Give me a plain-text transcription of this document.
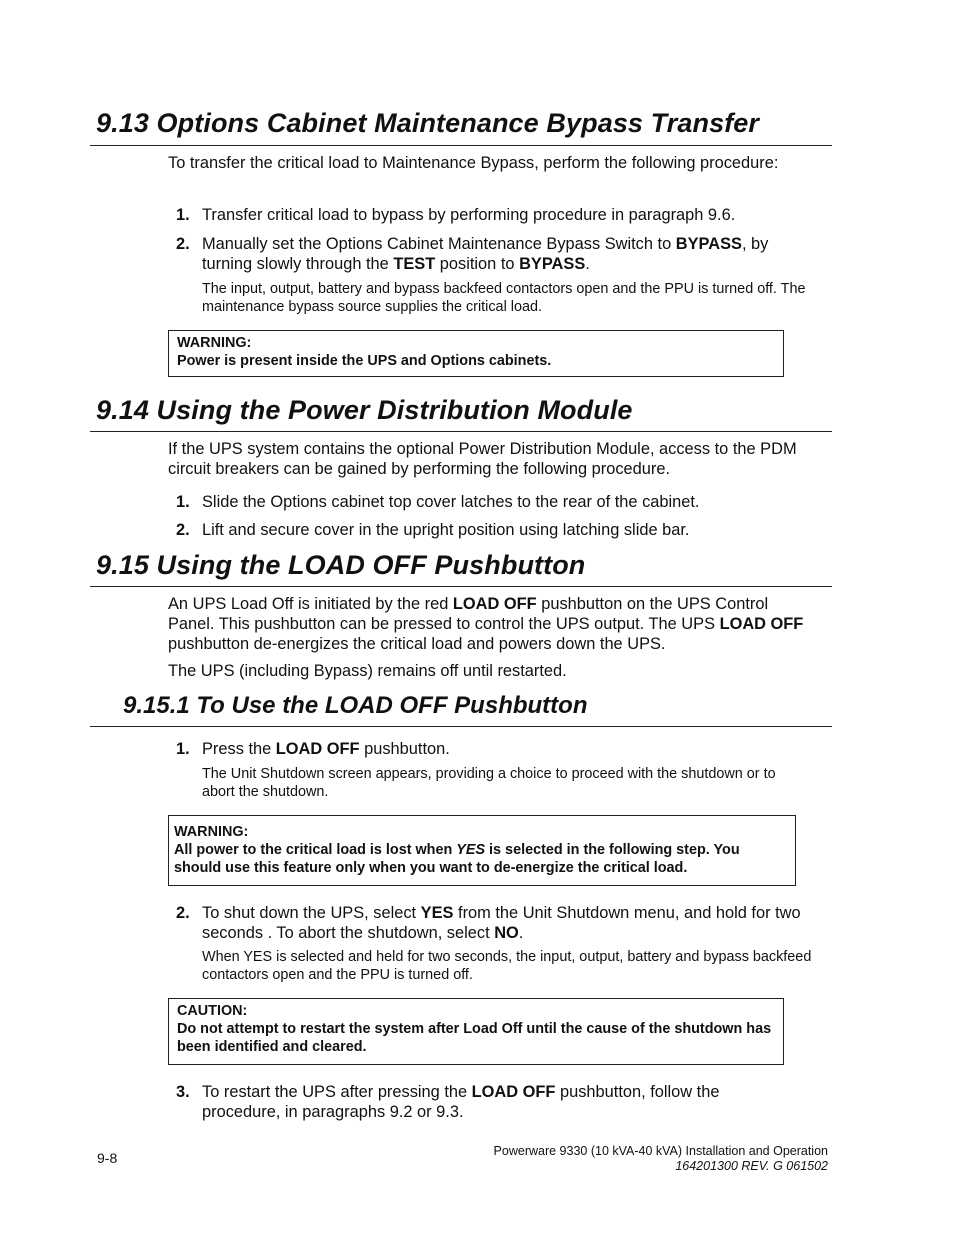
9.13 Options Cabinet Maintenance Bypass Transfer

To transfer the critical load to Maintenance Bypass, perform the following procedure:

1. Transfer critical load to bypass by performing procedure in paragraph 9.6.
2. Manually set the Options Cabinet Maintenance Bypass Switch to BYPASS, by turning slowly through the TEST position to BYPASS.
The input, output, battery and bypass backfeed contactors open and the PPU is turned off. The maintenance bypass source supplies the critical load.
WARNING:
Power is present inside the UPS and Options cabinets.
9.14 Using the Power Distribution Module

If the UPS system contains the optional Power Distribution Module, access to the PDM circuit breakers can be gained by performing the following procedure.

1. Slide the Options cabinet top cover latches to the rear of the cabinet.
2. Lift and secure cover in the upright position using latching slide bar.
9.15 Using the LOAD OFF Pushbutton

An UPS Load Off is initiated by the red LOAD OFF pushbutton on the UPS Control Panel. This pushbutton can be pressed to control the UPS output. The UPS LOAD OFF pushbutton de-energizes the critical load and powers down the UPS.

The UPS (including Bypass) remains off until restarted.

9.15.1 To Use the LOAD OFF Pushbutton
1. Press the LOAD OFF pushbutton.
The Unit Shutdown screen appears, providing a choice to proceed with the shutdown or to abort the shutdown.
WARNING:
All power to the critical load is lost when YES is selected in the following step. You should use this feature only when you want to de-energize the critical load.
2. To shut down the UPS, select YES from the Unit Shutdown menu, and hold for two seconds . To abort the shutdown, select NO.
When YES is selected and held for two seconds, the input, output, battery and bypass backfeed contactors open and the PPU is turned off.
CAUTION:
Do not attempt to restart the system after Load Off until the cause of the shutdown has been identified and cleared.
3. To restart the UPS after pressing the LOAD OFF pushbutton, follow the procedure, in paragraphs 9.2 or 9.3.
9-8	Powerware 9330 (10 kVA-40 kVA) Installation and Operation
164201300 REV. G 061502
